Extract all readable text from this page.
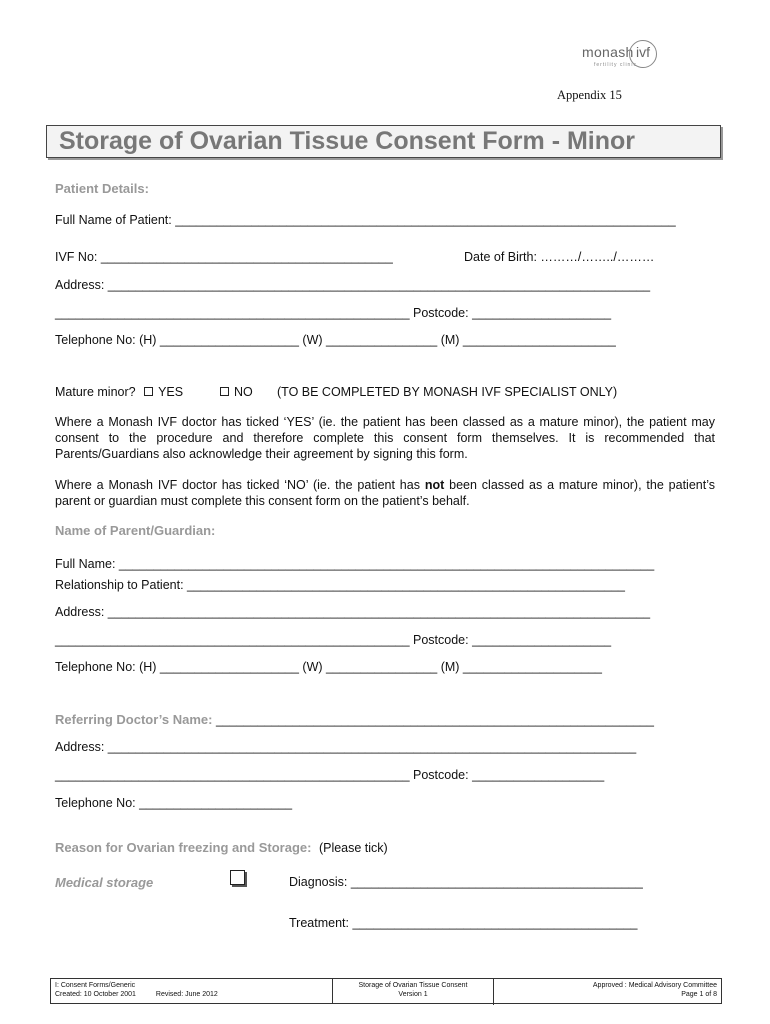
monash ivf
fertility clinic
Appendix 15
Storage of Ovarian Tissue Consent Form - Minor
Patient Details:
Full Name of Patient: ________________________________________________________________________
IVF No: __________________________________________	Date of Birth: ………/……../………
Address: ______________________________________________________________________________
___________________________________________________ Postcode: ____________________
Telephone No: (H) ____________________ (W) ________________ (M) ______________________
Mature minor? YES	NO (TO BE COMPLETED BY MONASH IVF SPECIALIST ONLY)
Where a Monash IVF doctor has ticked ‘YES’ (ie. the patient has been classed as a mature minor), the patient may consent to the procedure and therefore complete this consent form themselves. It is recommended that Parents/Guardians also acknowledge their agreement by signing this form.
Where a Monash IVF doctor has ticked ‘NO’ (ie. the patient has not been classed as a mature minor), the patient’s parent or guardian must complete this consent form on the patient’s behalf.
Name of Parent/Guardian:
Full Name: _____________________________________________________________________________
Relationship to Patient: _______________________________________________________________
Address: ______________________________________________________________________________
___________________________________________________ Postcode: ____________________
Telephone No: (H) ____________________ (W) ________________ (M) ____________________
Referring Doctor’s Name: _______________________________________________________________
Address: ____________________________________________________________________________
___________________________________________________ Postcode: ___________________
Telephone No: ______________________
Reason for Ovarian freezing and Storage: (Please tick)
Medical storage	Diagnosis: __________________________________________
Treatment: _________________________________________
I: Consent Forms/Generic
Created: 10 October 2001	Revised: June 2012
Storage of Ovarian Tissue Consent
Version 1
Approved : Medical Advisory Committee
Page 1 of 8
